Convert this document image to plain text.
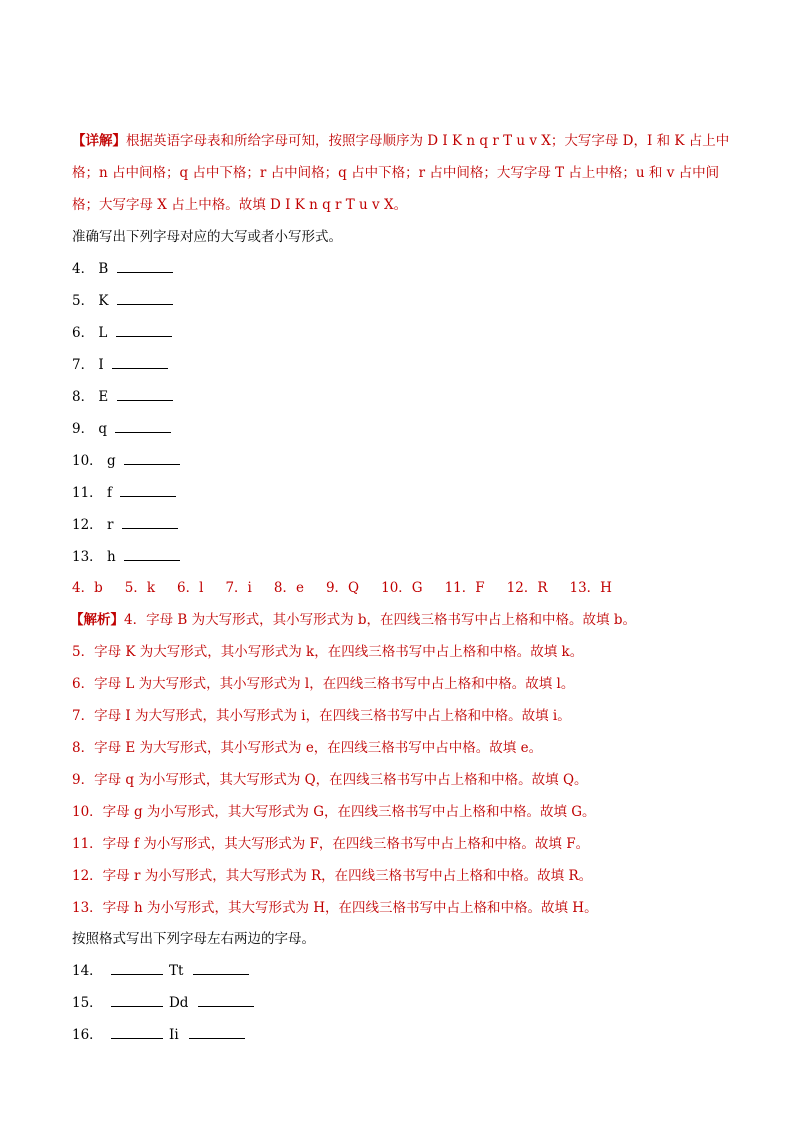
【详解】根据英语字母表和所给字母可知，按照字母顺序为 D I K n q r T u v X；大写字母 D，I 和 K 占上中
格；n 占中间格；q 占中下格；r 占中间格；q 占中下格；r 占中间格；大写字母 T 占上中格；u 和 v 占中间
格；大写字母 X 占上中格。故填 D I K n q r T u v X。
准确写出下列字母对应的大写或者小写形式。
4． B
5． K
6． L
7． I
8． E
9． q
10． g
11． f
12． r
13． h
4．b 5．k 6．l 7．i 8．e 9．Q 10．G 11．F 12．R 13．H
【解析】4．字母 B 为大写形式，其小写形式为 b，在四线三格书写中占上格和中格。故填 b。
5．字母 K 为大写形式，其小写形式为 k，在四线三格书写中占上格和中格。故填 k。
6．字母 L 为大写形式，其小写形式为 l，在四线三格书写中占上格和中格。故填 l。
7．字母 I 为大写形式，其小写形式为 i，在四线三格书写中占上格和中格。故填 i。
8．字母 E 为大写形式，其小写形式为 e，在四线三格书写中占中格。故填 e。
9．字母 q 为小写形式，其大写形式为 Q，在四线三格书写中占上格和中格。故填 Q。
10．字母 g 为小写形式，其大写形式为 G，在四线三格书写中占上格和中格。故填 G。
11．字母 f 为小写形式，其大写形式为 F，在四线三格书写中占上格和中格。故填 F。
12．字母 r 为小写形式，其大写形式为 R，在四线三格书写中占上格和中格。故填 R。
13．字母 h 为小写形式，其大写形式为 H，在四线三格书写中占上格和中格。故填 H。
按照格式写出下列字母左右两边的字母。
14．	Tt
15．	Dd
16．	Ii
